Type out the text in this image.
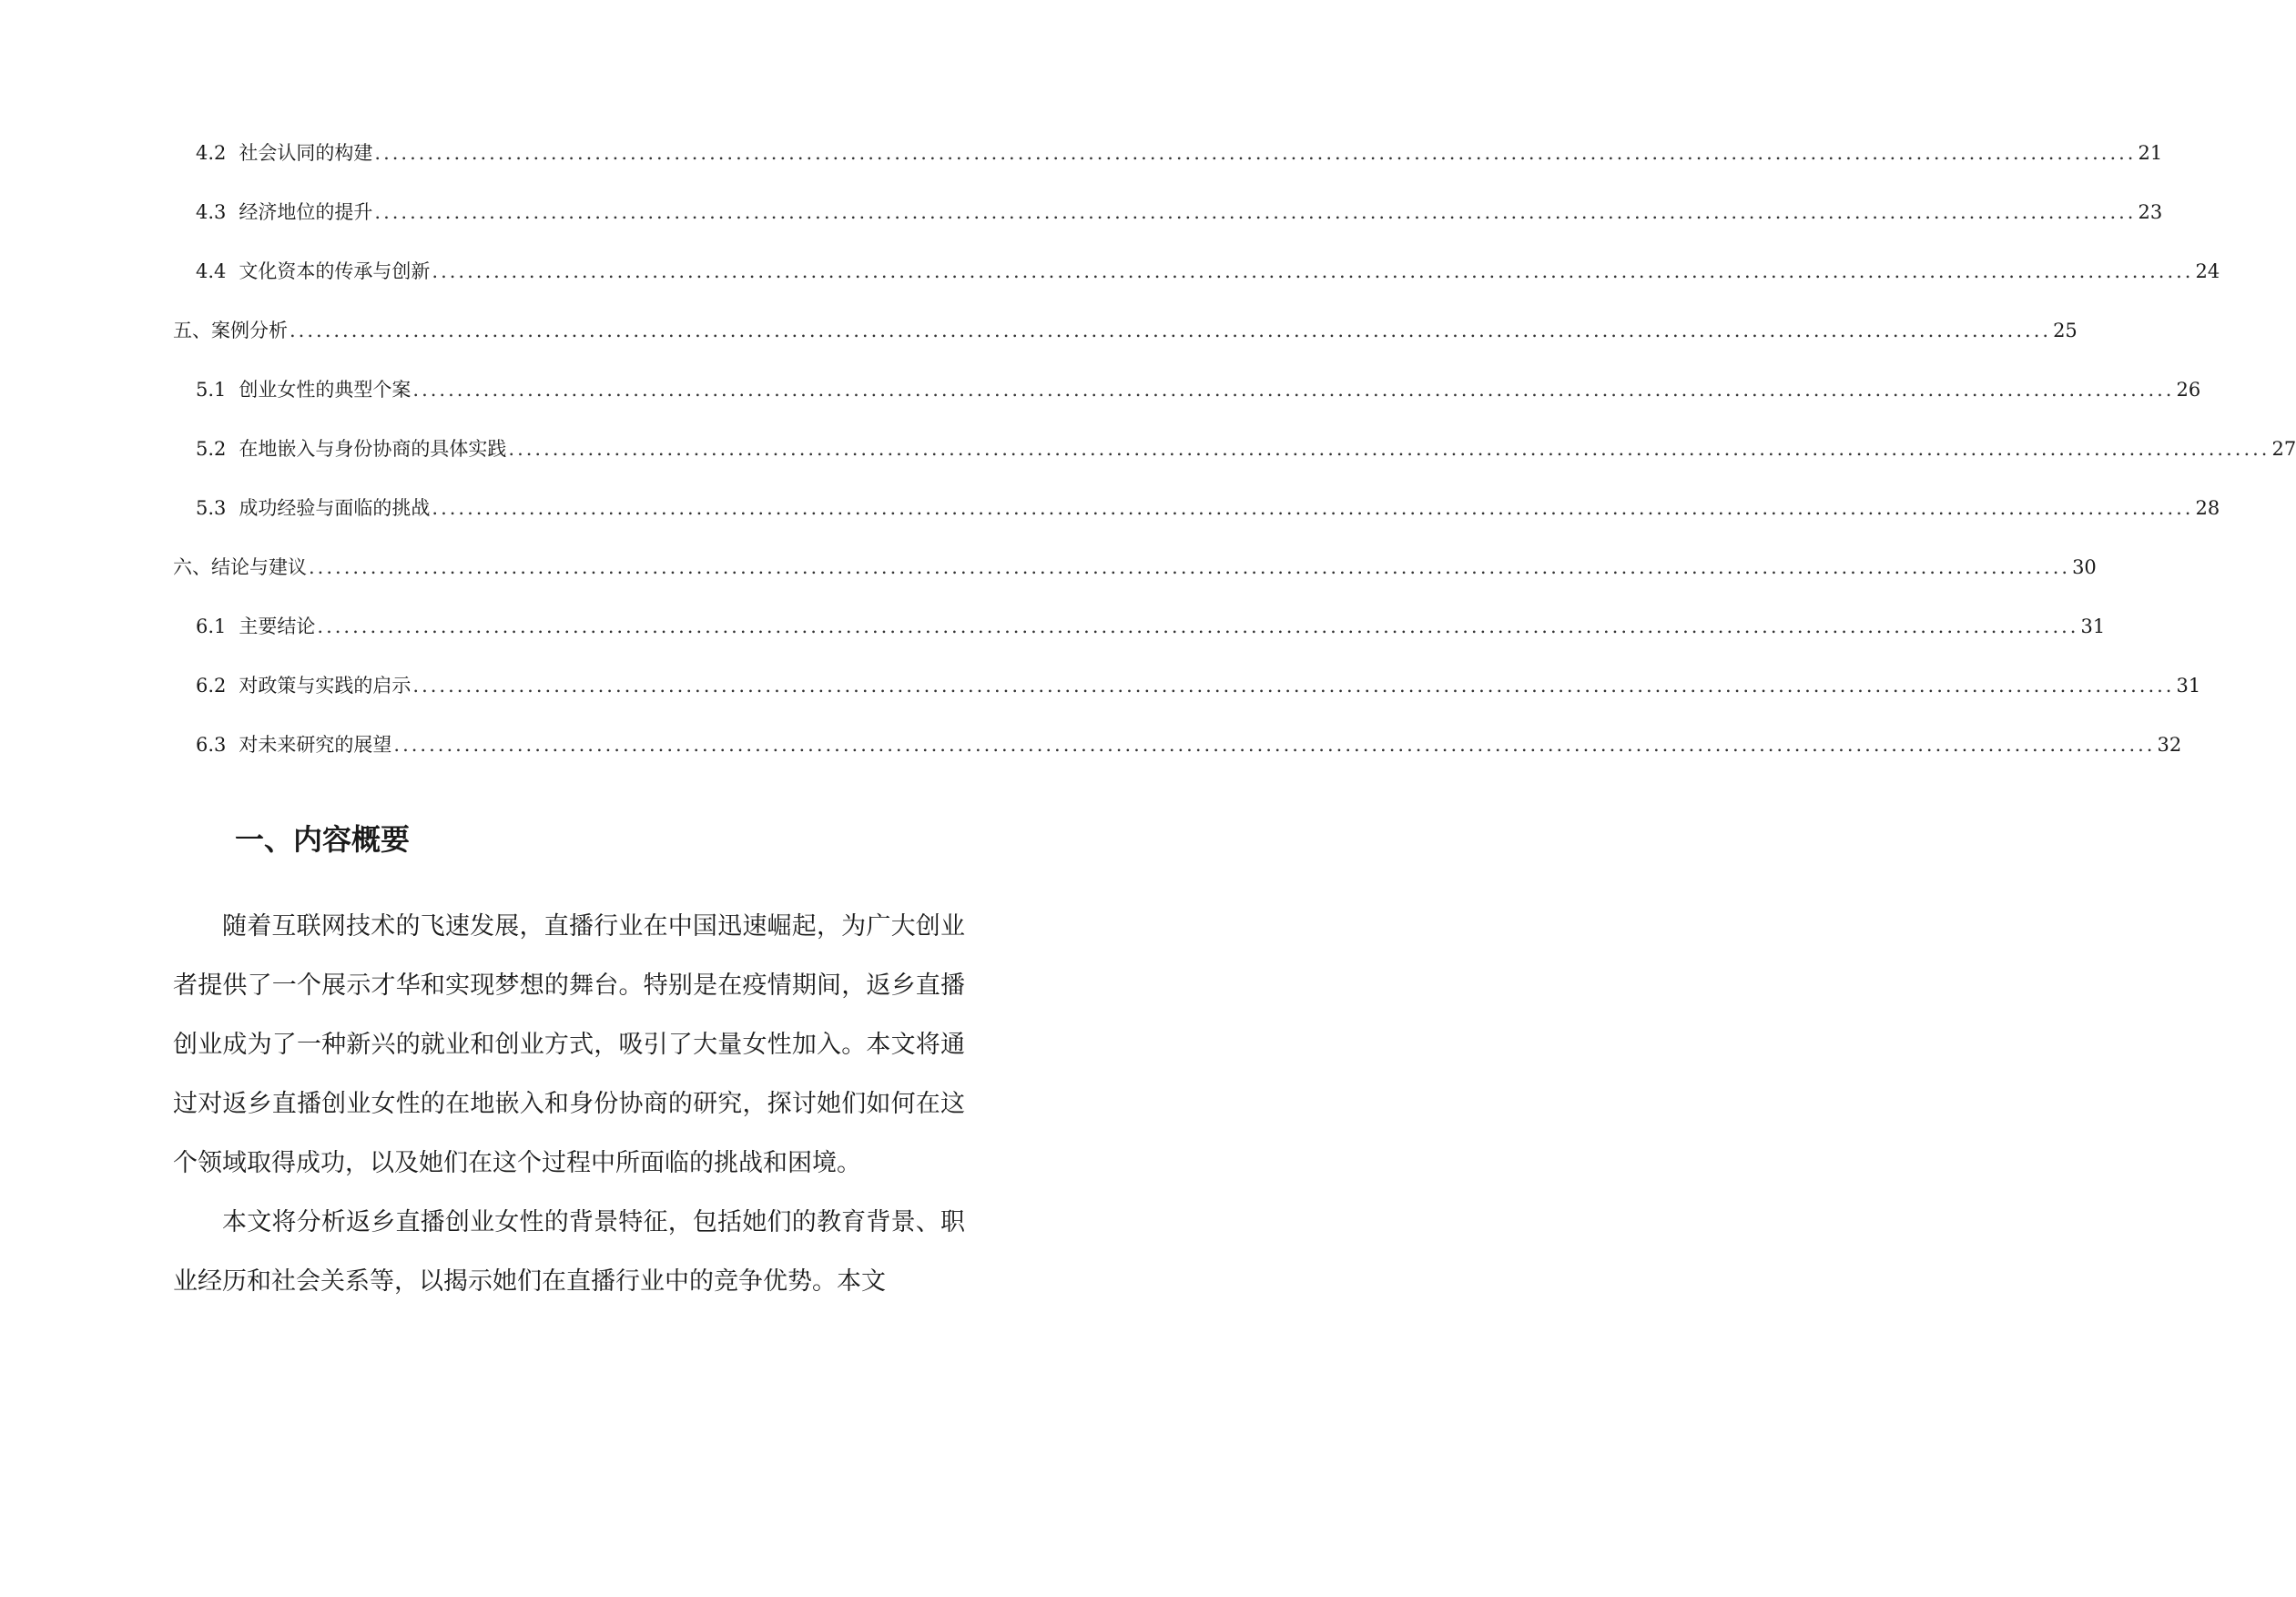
4.2 社会认同的构建 ........................................................................................................................................................................................................ 21
4.3 经济地位的提升 ........................................................................................................................................................................................................ 23
4.4 文化资本的传承与创新 ........................................................................................................................................................................................................ 24
五、案例分析 ........................................................................................................................................................................................................ 25
5.1 创业女性的典型个案 ........................................................................................................................................................................................................ 26
5.2 在地嵌入与身份协商的具体实践 ........................................................................................................................................................................................................ 27
5.3 成功经验与面临的挑战 ........................................................................................................................................................................................................ 28
六、结论与建议 ........................................................................................................................................................................................................ 30
6.1 主要结论 ........................................................................................................................................................................................................ 31
6.2 对政策与实践的启示 ........................................................................................................................................................................................................ 31
6.3 对未来研究的展望 ........................................................................................................................................................................................................ 32
一、内容概要

随着互联网技术的飞速发展，直播行业在中国迅速崛起，为广大创业者提供了一个展示才华和实现梦想的舞台。特别是在疫情期间，返乡直播创业成为了一种新兴的就业和创业方式，吸引了大量女性加入。本文将通过对返乡直播创业女性的在地嵌入和身份协商的研究，探讨她们如何在这个领域取得成功，以及她们在这个过程中所面临的挑战和困境。

本文将分析返乡直播创业女性的背景特征，包括她们的教育背景、职业经历和社会关系等，以揭示她们在直播行业中的竞争优势。本文
